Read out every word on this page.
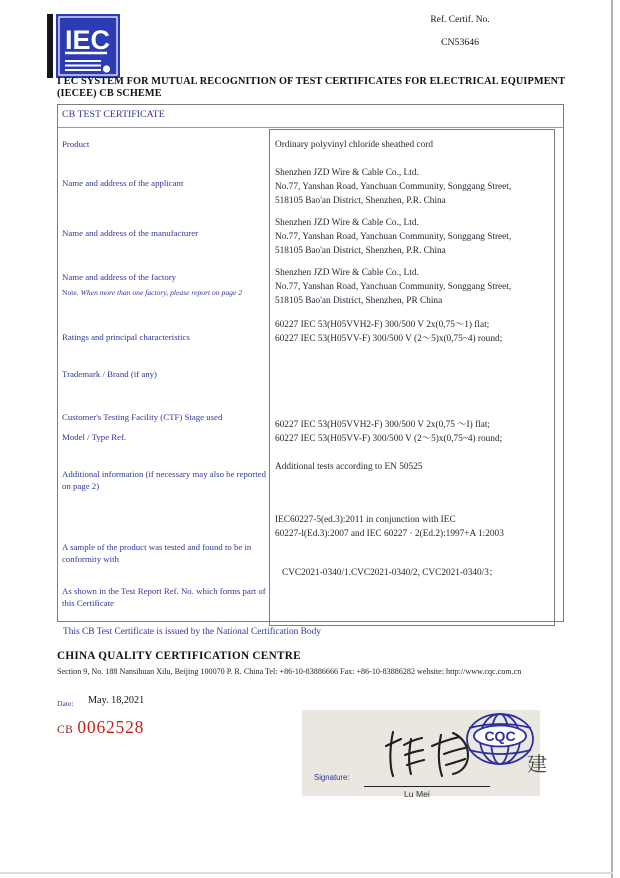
IEC
Ref. Certif. No.
CN53646
I EC SYSTEM FOR MUTUAL RECOGNITION OF TEST CERTIFICATES FOR ELECTRICAL EQUIPMENT
(IECEE) CB SCHEME
CB TEST CERTIFICATE
Product
Name and address of the applicant
Name and address of the manufacturer
Name and address of the factory
Note. When more than one factory, please report on page 2
Ratings and principal characteristics
Trademark / Brand (if any)
Customer's Testing Facility (CTF) Stage used
Model / Type Ref.
Additional information (if necessary may also be reported
on page 2)
A sample of the product was tested and found to be in
conformity with
As shown in the Test Report Ref. No. which forms part of
this Certificate
Ordinary polyvinyl chloride sheathed cord
Shenzhen JZD Wire & Cable Co., Ltd.
No.77, Yanshan Road, Yanchuan Community, Songgang Street,
518105 Bao'an District, Shenzhen, P.R. China
Shenzhen JZD Wire & Cable Co., Ltd.
No.77, Yanshan Road, Yanchuan Community, Songgang Street,
518105 Bao'an District, Shenzhen, P.R. China
Shenzhen JZD Wire & Cable Co., Ltd.
No.77, Yanshan Road, Yanchuan Community, Songgang Street,
518105 Bao'an District, Shenzhen, PR China
60227 IEC 53(H05VVH2-F) 300/500 V 2x(0,75〜1) flat;
60227 IEC 53(H05VV-F) 300/500 V (2〜5)x(0,75~4) round;
60227 IEC 53(H05VVH2-F) 300/500 V 2x(0,75 〜I) flat;
60227 IEC 53(H05VV-F) 300/500 V (2〜5)x(0,75~4) round;
Additional tests according to EN 50525
IEC60227-5(ed.3):2011 in conjunction with IEC
60227-l(Ed.3):2007 and IEC 60227 · 2(Ed.2):1997+A 1:2003
CVC2021-0340/1.CVC2021-0340/2, CVC2021-0340/3；
This CB Test Certificate is issued by the National Certification Body
CHINA QUALITY CERTIFICATION CENTRE
Section 9, No. 188 Nansihuan Xilu, Beijing 100070 P. R. China Tel: +86-10-83886666 Fax: +86-10-83886282 website: http://www.cqc.com.cn
Date: May. 18,2021
CB 0062528	CQC
Signature:
Lu Mei
建
